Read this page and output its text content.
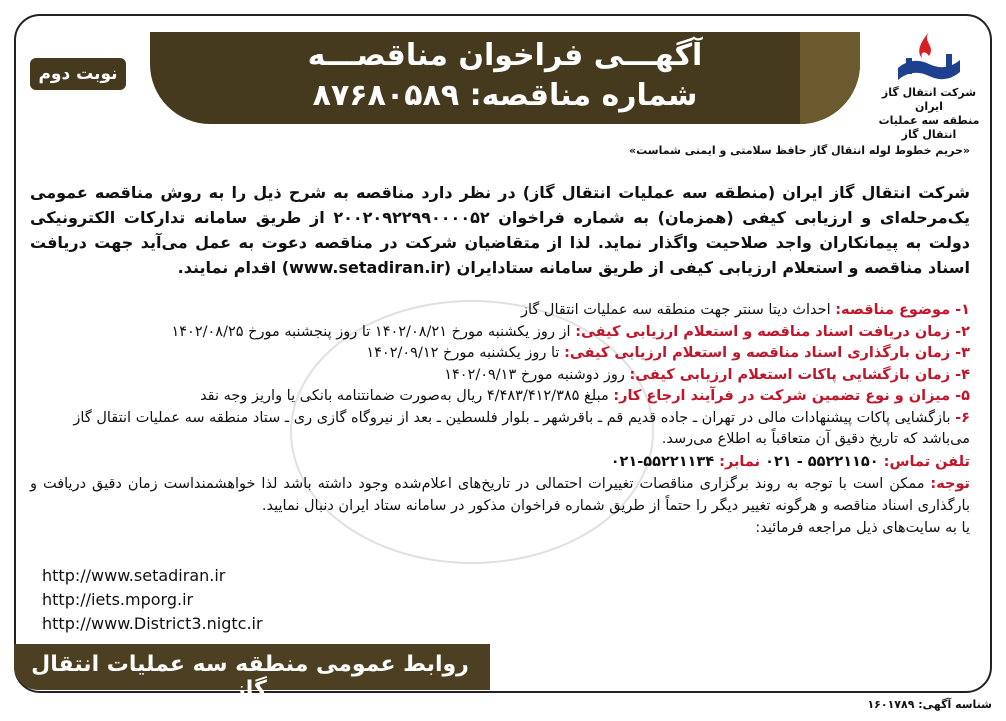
آگهـــی فراخوان مناقصـــه
شماره مناقصه: ۸۷۶۸۰۵۸۹
نوبت دوم
شرکت انتقال گاز ایران
منطقه سه عملیات
انتقال گاز
«حریم خطوط لوله انتقال گاز حافظ سلامتی و ایمنی شماست»
شرکت انتقال گاز ایران (منطقه سه عملیات انتقال گاز) در نظر دارد مناقصه به شرح ذیل را به روش مناقصه عمومی یک‌مرحله‌ای و ارزیابی کیفی (همزمان) به شماره فراخوان ۲۰۰۲۰۹۲۲۹۹۰۰۰۰۵۲ از طریق سامانه تدارکات الکترونیکی دولت به پیمانکاران واجد صلاحیت واگذار نماید. لذا از متقاضیان شرکت در مناقصه دعوت به عمل می‌آید جهت دریافت اسناد مناقصه و استعلام ارزیابی کیفی از طریق سامانه ستادایران (www.setadiran.ir) اقدام نمایند.
۱- موضوع مناقصه: احداث دیتا سنتر جهت منطقه سه عملیات انتقال گاز
۲- زمان دریافت اسناد مناقصه و استعلام ارزیابی کیفی: از روز یکشنبه مورخ ۱۴۰۲/۰۸/۲۱ تا روز پنجشنبه مورخ ۱۴۰۲/۰۸/۲۵
۳- زمان بارگذاری اسناد مناقصه و استعلام ارزیابی کیفی: تا روز یکشنبه مورخ ۱۴۰۲/۰۹/۱۲
۴- زمان بازگشایی پاکات استعلام ارزیابی کیفی: روز دوشنبه مورخ ۱۴۰۲/۰۹/۱۳
۵- میزان و نوع تضمین شرکت در فرآیند ارجاع کار: مبلغ ۴/۴۸۳/۴۱۲/۳۸۵ ریال به‌صورت ضمانتنامه بانکی یا واریز وجه نقد
۶- بازگشایی پاکات پیشنهادات مالی در تهران ـ جاده قدیم قم ـ باقرشهر ـ بلوار فلسطین ـ بعد از نیروگاه گازی ری ـ ستاد منطقه سه عملیات انتقال گاز می‌باشد که تاریخ دقیق آن متعاقباً به اطلاع می‌رسد.
تلفن تماس: ۵۵۲۲۱۱۵۰ - ۰۲۱ نمابر: ۵۵۲۲۱۱۳۴-۰۲۱
توجه: ممکن است با توجه به روند برگزاری مناقصات تغییرات احتمالی در تاریخ‌های اعلام‌شده وجود داشته باشد لذا خواهشمنداست زمان دقیق دریافت و بارگذاری اسناد مناقصه و هرگونه تغییر دیگر را حتماً از طریق شماره فراخوان مذکور در سامانه ستاد ایران دنبال نمایید.
یا به سایت‌های ذیل مراجعه فرمائید:
http://www.setadiran.ir
http://iets.mporg.ir
http://www.District3.nigtc.ir
روابط عمومی منطقه سه عملیات انتقال گاز
شناسه آگهی: ۱۶۰۱۷۸۹
